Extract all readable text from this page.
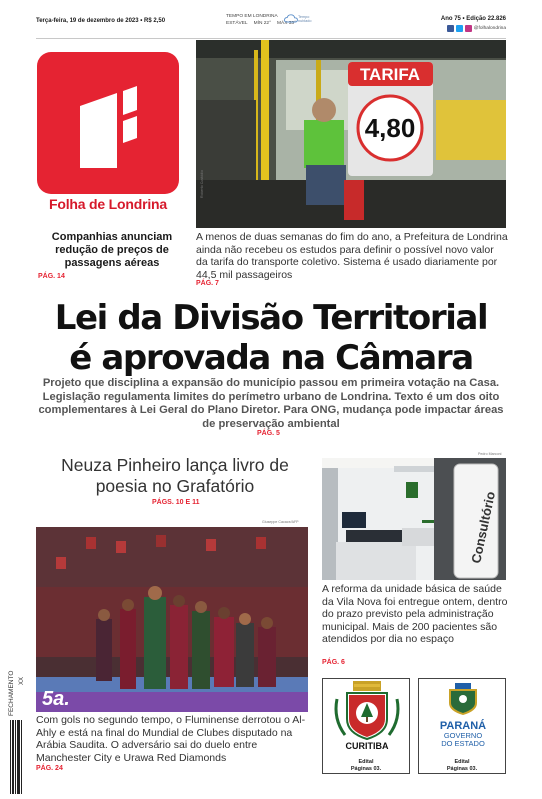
Terça-feira, 19 de dezembro de 2023 • R$ 2,50
TEMPO EM LONDRINA
ESTÁVEL MÍN 22° MÁX 33°
Tempo nublado	Ano 75 • Edição 22.826
@folhalondrina
Folha de Londrina
TARIFA
4,80
Roberto Custódio
Companhias anunciam redução de preços de passagens aéreas
PÁG. 14
A menos de duas semanas do fim do ano, a Prefeitura de Londrina ainda não recebeu os estudos para definir o possível novo valor da tarifa do transporte coletivo. Sistema é usado diariamente por 44,5 mil passageiros
PÁG. 7
Lei da Divisão Territorial
é aprovada na Câmara
Projeto que disciplina a expansão do município passou em primeira votação na Casa. Legislação regulamenta limites do perímetro urbano de Londrina. Texto é um dos oito complementares à Lei Geral do Plano Diretor. Para ONG, mudança pode impactar áreas de preservação ambiental
PÁG. 5
Neuza Pinheiro lança livro de poesia no Grafatório
PÁGS. 10 E 11
Pedro Marconi
Consultório
A reforma da unidade básica de saúde da Vila Nova foi entregue ontem, dentro do prazo previsto pela administração municipal. Mais de 200 pacientes são atendidos por dia no espaço
PÁG. 6
Giuseppe Cacace/AFP
5a.
Com gols no segundo tempo, o Fluminense derrotou o Al-Ahly e está na final do Mundial de Clubes disputado na Arábia Saudita. O adversário sai do duelo entre Manchester City e Urawa Red Diamonds
PÁG. 24
FECHAMENTO XX
CURITIBA
Edital
Páginas 03.
PARANÁ
GOVERNO
DO ESTADO
Edital
Páginas 03.
